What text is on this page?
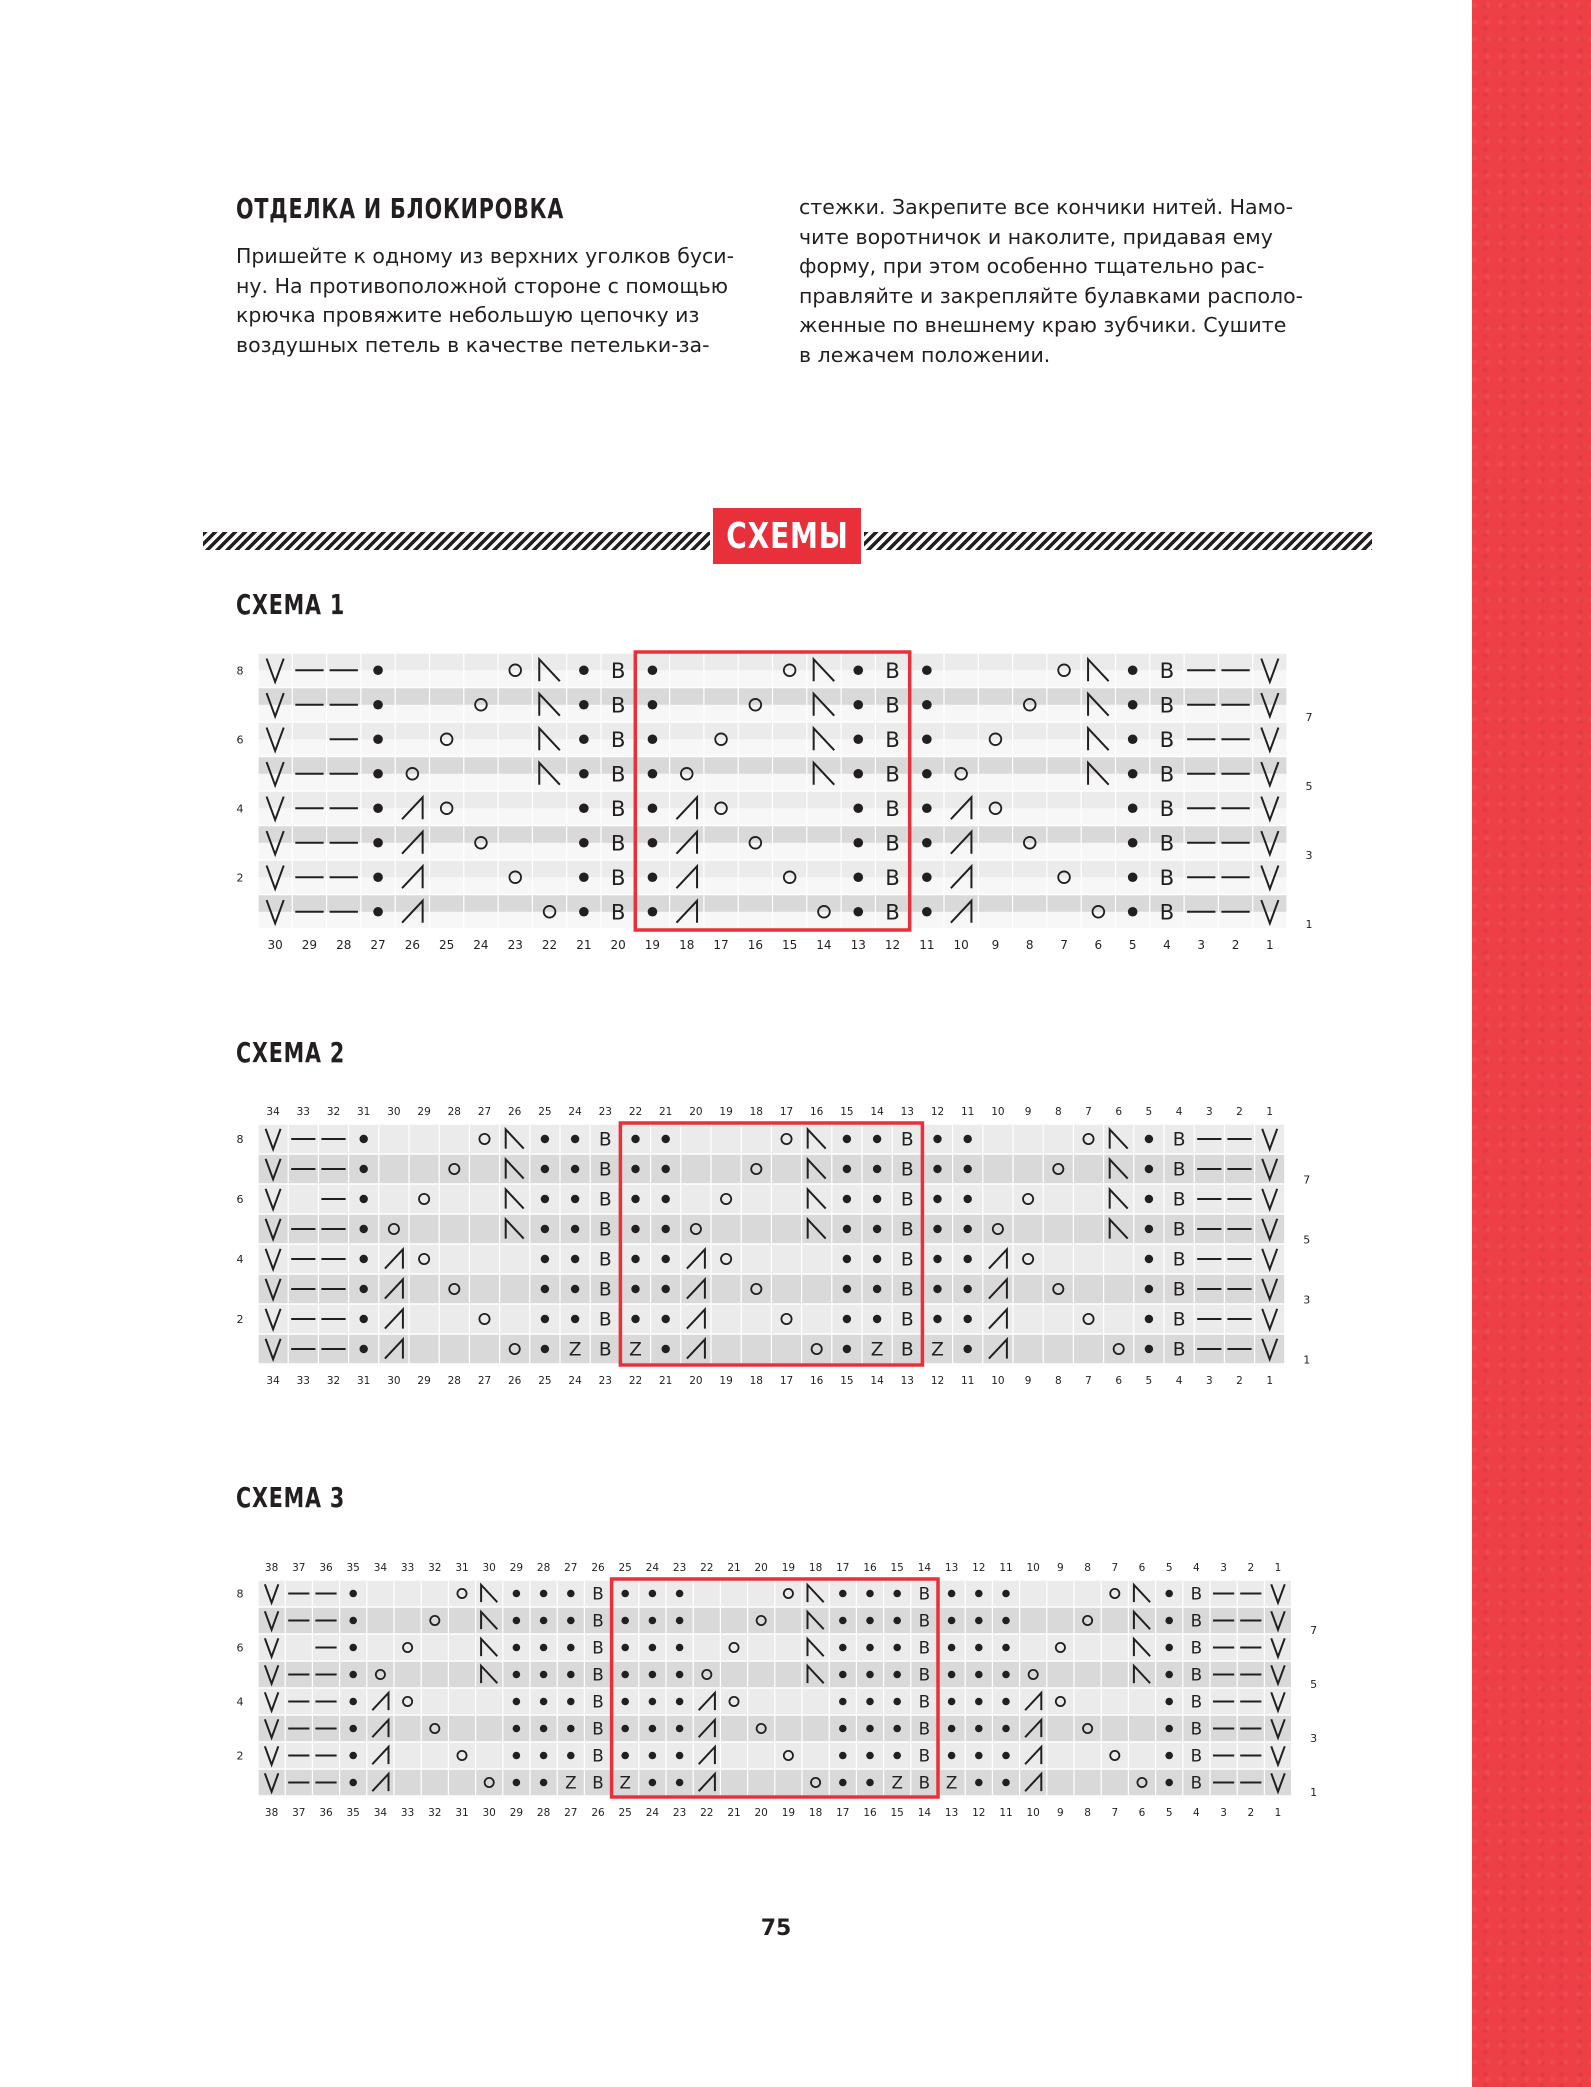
ОТДЕЛКА И БЛОКИРОВКА
Пришейте к одному из верхних уголков буси-
ну. На противоположной стороне с помощью
крючка провяжите небольшую цепочку из
воздушных петель в качестве петельки-за-
стежки. Закрепите все кончики нитей. Намо-
чите воротничок и наколите, придавая ему
форму, при этом особенно тщательно рас-
правляйте и закрепляйте булавками располо-
женные по внешнему краю зубчики. Сушите
в лежачем положении.
СХЕМЫ
СХЕМА 1
1
2
3
4
5
6
7
8
9
10
11
12
13
14
15
16
17
18
19
20
21
22
23
24
25
26
27
28
29
30
8
7
6
5
4
3
2
1
B
B
B
B
B
B
B
B
B
B
B
B
B
B
B
B
B
B
B
B
B
B
B
B
СХЕМА 2
1
1
2
2
3
3
4
4
5
5
6
6
7
7
8
8
9
9
10
10
11
11
12
12
13
13
14
14
15
15
16
16
17
17
18
18
19
19
20
20
21
21
22
22
23
23
24
24
25
25
26
26
27
27
28
28
29
29
30
30
31
31
32
32
33
33
34
34
8
7
6
5
4
3
2
1
B
B
B
B
B
B
B
B
B
B
B
B
B
B
B
B
B
B
B
B
B
B
Z
B
Z
Z
B
Z
СХЕМА 3
1
1
2
2
3
3
4
4
5
5
6
6
7
7
8
8
9
9
10
10
11
11
12
12
13
13
14
14
15
15
16
16
17
17
18
18
19
19
20
20
21
21
22
22
23
23
24
24
25
25
26
26
27
27
28
28
29
29
30
30
31
31
32
32
33
33
34
34
35
35
36
36
37
37
38
38
8
7
6
5
4
3
2
1
B
B
B
B
B
B
B
B
B
B
B
B
B
B
B
B
B
B
B
B
B
B
Z
B
Z
Z
B
Z
75
